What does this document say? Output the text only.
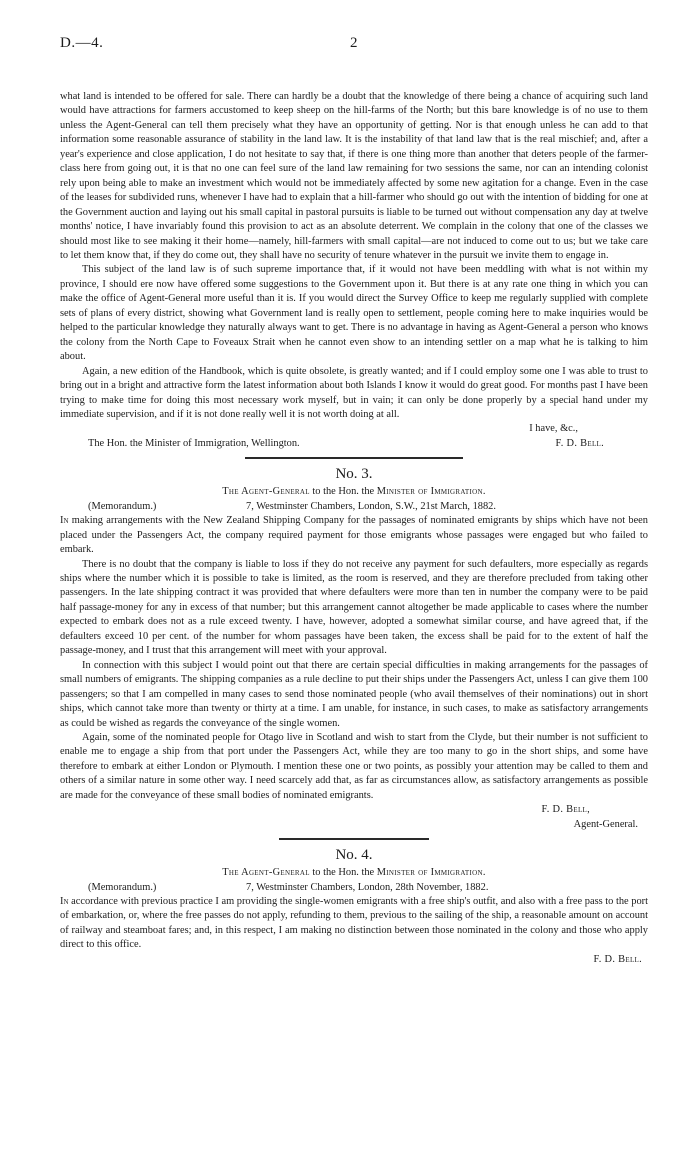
D.—4.	2

what land is intended to be offered for sale. There can hardly be a doubt that the knowledge of there being a chance of acquiring such land would have attractions for farmers accustomed to keep sheep on the hill-farms of the North; but this bare knowledge is of no use to them unless the Agent-General can tell them precisely what they have an opportunity of getting. Nor is that enough unless he can add to that information some reasonable assurance of stability in the land law. It is the instability of that land law that is the real mischief; and, after a year's experience and close application, I do not hesitate to say that, if there is one thing more than another that deters people of the farmer-class here from going out, it is that no one can feel sure of the land law remaining for two sessions the same, nor can an intending colonist rely upon being able to make an investment which would not be immediately affected by some new agitation for a change. Even in the case of the leases for subdivided runs, whenever I have had to explain that a hill-farmer who should go out with the intention of bidding for one at the Government auction and laying out his small capital in pastoral pursuits is liable to be turned out without compensation any day at twelve months' notice, I have invariably found this provision to act as an absolute deterrent. We complain in the colony that one of the classes we should most like to see making it their home—namely, hill-farmers with small capital—are not induced to come out to us; but we take care to let them know that, if they do come out, they shall have no security of tenure whatever in the pursuit we invite them to engage in.

This subject of the land law is of such supreme importance that, if it would not have been meddling with what is not within my province, I should ere now have offered some suggestions to the Government upon it. But there is at any rate one thing in which you can make the office of Agent-General more useful than it is. If you would direct the Survey Office to keep me regularly supplied with complete sets of plans of every district, showing what Government land is really open to settlement, people coming here to make inquiries would be helped to the particular knowledge they naturally always want to get. There is no advantage in having as Agent-General a person who knows the colony from the North Cape to Foveaux Strait when he cannot even show to an intending settler on a map what he is talking to him about.

Again, a new edition of the Handbook, which is quite obsolete, is greatly wanted; and if I could employ some one I was able to trust to bring out in a bright and attractive form the latest information about both Islands I know it would do great good. For months past I have been trying to make time for doing this most necessary work myself, but in vain; it can only be done properly by a special hand under my immediate supervision, and if it is not done really well it is not worth doing at all.

I have, &c.,

The Hon. the Minister of Immigration, Wellington.	F. D. Bell.
No. 3.
The Agent-General to the Hon. the Minister of Immigration.
(Memorandum.)	7, Westminster Chambers, London, S.W., 21st March, 1882.

In making arrangements with the New Zealand Shipping Company for the passages of nominated emigrants by ships which have not been placed under the Passengers Act, the company required payment for those emigrants whose passages were engaged but who failed to embark.

There is no doubt that the company is liable to loss if they do not receive any payment for such defaulters, more especially as regards ships where the number which it is possible to take is limited, as the room is reserved, and they are therefore precluded from taking other passengers. In the late shipping contract it was provided that where defaulters were more than ten in number the company were to be paid half passage-money for any in excess of that number; but this arrangement cannot altogether be made applicable to cases where the number expected to embark does not as a rule exceed twenty. I have, however, adopted a somewhat similar course, and have agreed that, if the defaulters exceed 10 per cent. of the number for whom passages have been taken, the excess shall be paid for to the extent of half the passage-money, and I trust that this arrangement will meet with your approval.

In connection with this subject I would point out that there are certain special difficulties in making arrangements for the passages of small numbers of emigrants. The shipping companies as a rule decline to put their ships under the Passengers Act, unless I can give them 100 passengers; so that I am compelled in many cases to send those nominated people (who avail themselves of their nominations) out in short ships, which cannot take more than twenty or thirty at a time. I am unable, for instance, in such cases, to make as satisfactory arrangements as could be wished as regards the conveyance of the single women.

Again, some of the nominated people for Otago live in Scotland and wish to start from the Clyde, but their number is not sufficient to enable me to engage a ship from that port under the Passengers Act, while they are too many to go in the short ships, and some have therefore to embark at either London or Plymouth. I mention these one or two points, as possibly your attention may be called to them and others of a similar nature in some other way. I need scarcely add that, as far as circumstances allow, as satisfactory arrangements as possible are made for the conveyance of these small bodies of nominated emigrants.

F. D. Bell,
Agent-General.
No. 4.
The Agent-General to the Hon. the Minister of Immigration.
(Memorandum.)	7, Westminster Chambers, London, 28th November, 1882.

In accordance with previous practice I am providing the single-women emigrants with a free ship's outfit, and also with a free pass to the port of embarkation, or, where the free passes do not apply, refunding to them, previous to the sailing of the ship, a reasonable amount on account of railway and steamboat fares; and, in this respect, I am making no distinction between those nominated in the colony and those who apply direct to this office.

F. D. Bell.
